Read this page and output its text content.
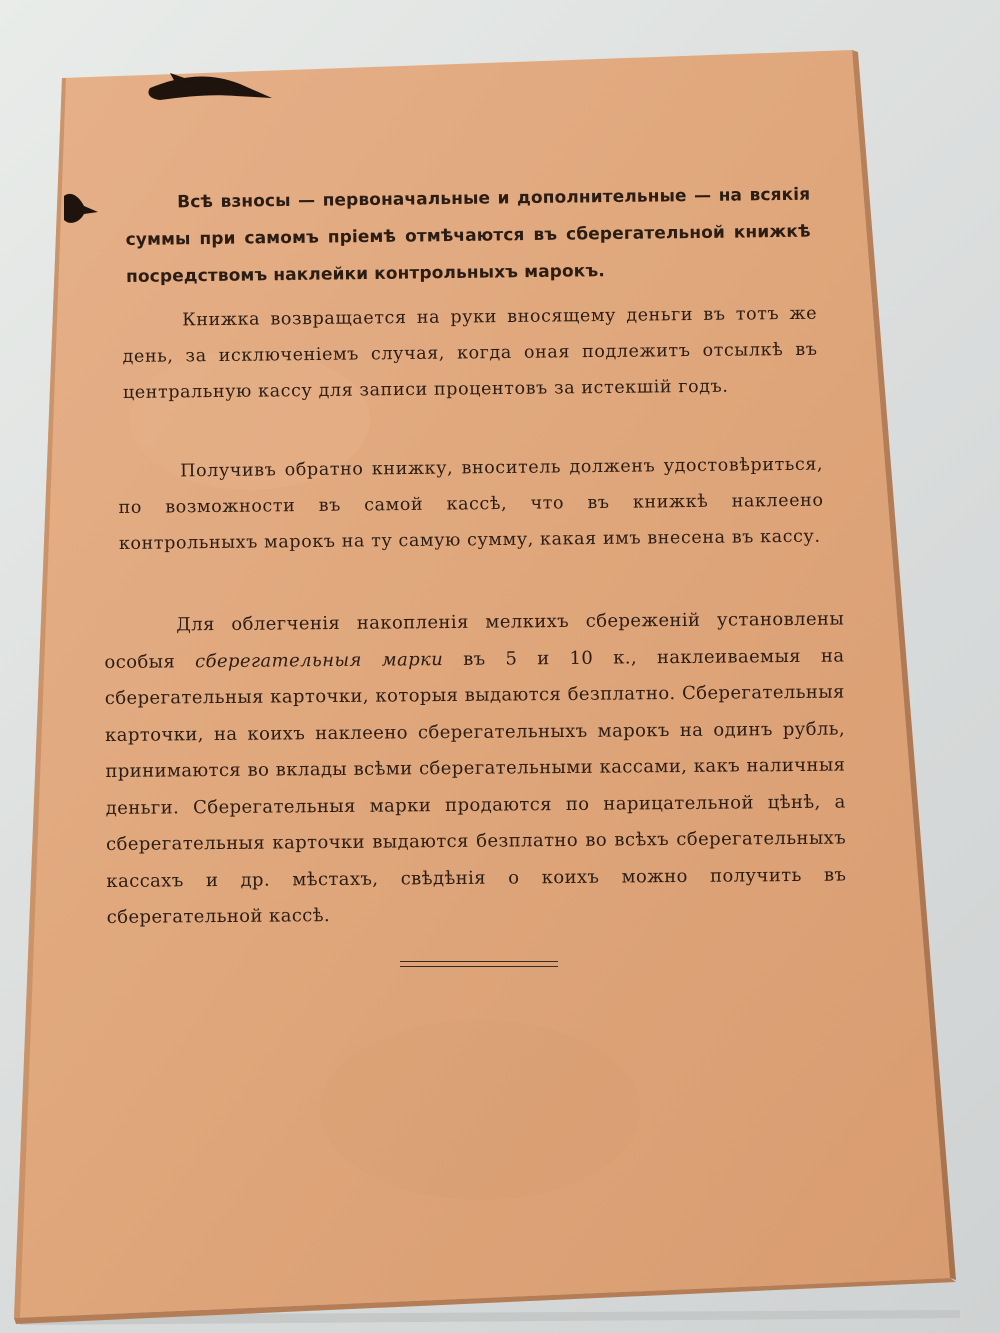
Всѣ взносы — первоначальные и дополнительные — на всякія суммы при самомъ пріемѣ отмѣчаются въ сберегательной книжкѣ посредствомъ наклейки контрольныхъ марокъ.

Книжка возвращается на руки вносящему деньги въ тотъ же день, за исключеніемъ случая, когда оная подлежитъ отсылкѣ въ центральную кассу для записи процентовъ за истекшій годъ.

Получивъ обратно книжку, вноситель долженъ удостовѣриться, по возможности въ самой кассѣ, что въ книжкѣ наклеено контрольныхъ марокъ на ту самую сумму, какая имъ внесена въ кассу.

Для облегченія накопленія мелкихъ сбереженій установлены особыя сберегательныя марки въ 5 и 10 к., наклеиваемыя на сберегательныя карточки, которыя выдаются безплатно. Сберегательныя карточки, на коихъ наклеено сберегательныхъ марокъ на одинъ рубль, принимаются во вклады всѣми сберегательными кассами, какъ наличныя деньги. Сберегательныя марки продаются по нарицательной цѣнѣ, а сберегательныя карточки выдаются безплатно во всѣхъ сберегательныхъ кассахъ и др. мѣстахъ, свѣдѣнія о коихъ можно получить въ сберегательной кассѣ.
